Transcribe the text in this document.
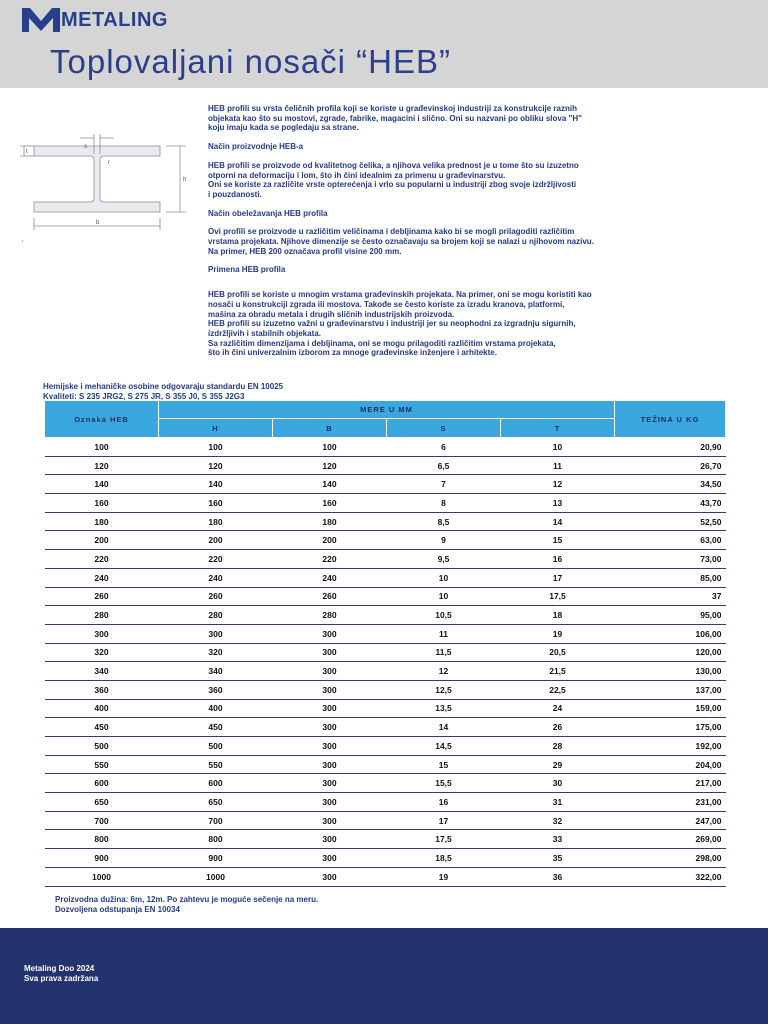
METALING
Toplovaljani nosači “HEB”
s
t
r
b
h

HEB profili su vrsta čeličnih profila koji se koriste u građevinskoj industriji za konstrukcije raznih
objekata kao što su mostovi, zgrade, fabrike, magacini i slično. Oni su nazvani po obliku slova "H"
koju imaju kada se pogledaju sa strane.

Način proizvodnje HEB-a

HEB profili se proizvode od kvalitetnog čelika, a njihova velika prednost je u tome što su izuzetno
otporni na deformaciju i lom, što ih čini idealnim za primenu u građevinarstvu.
Oni se koriste za različite vrste opterećenja i vrlo su popularni u industriji zbog svoje izdržljivosti
i pouzdanosti.

Način obeležavanja HEB profila

Ovi profili se proizvode u različitim veličinama i debljinama kako bi se mogli prilagoditi različitim
vrstama projekata. Njihove dimenzije se često označavaju sa brojem koji se nalazi u njihovom nazivu.
Na primer, HEB 200 označava profil visine 200 mm.

Primena HEB profila

HEB profili se koriste u mnogim vrstama građevinskih projekata. Na primer, oni se mogu koristiti kao
nosači u konstrukciji zgrada ili mostova. Takođe se često koriste za izradu kranova, platformi,
mašina za obradu metala i drugih sličnih industrijskih proizvoda.
HEB profili su izuzetno važni u građevinarstvu i industriji jer su neophodni za izgradnju sigurnih,
izdržljivih i stabilnih objekata.
Sa različitim dimenzijama i debljinama, oni se mogu prilagoditi različitim vrstama projekata,
što ih čini univerzalnim izborom za mnoge građevinske inženjere i arhitekte.

Hemijske i mehaničke osobine odgovaraju standardu EN 10025
Kvaliteti: S 235 JRG2, S 275 JR, S 355 J0, S 355 J2G3
Oznaka HEB	MERE U MM				TEŽINA U KG
	H	B	S	T	
100	100	100	6	10	20,90
120	120	120	6,5	11	26,70
140	140	140	7	12	34,50
160	160	160	8	13	43,70
180	180	180	8,5	14	52,50
200	200	200	9	15	63,00
220	220	220	9,5	16	73,00
240	240	240	10	17	85,00
260	260	260	10	17,5	37
280	280	280	10,5	18	95,00
300	300	300	11	19	106,00
320	320	300	11,5	20,5	120,00
340	340	300	12	21,5	130,00
360	360	300	12,5	22,5	137,00
400	400	300	13,5	24	159,00
450	450	300	14	26	175,00
500	500	300	14,5	28	192,00
550	550	300	15	29	204,00
600	600	300	15,5	30	217,00
650	650	300	16	31	231,00
700	700	300	17	32	247,00
800	800	300	17,5	33	269,00
900	900	300	18,5	35	298,00
1000	1000	300	19	36	322,00
Proizvodna dužina: 6m, 12m. Po zahtevu je moguće sečenje na meru.
Dozvoljena odstupanja EN 10034
Metaling Doo 2024
Sva prava zadržana
